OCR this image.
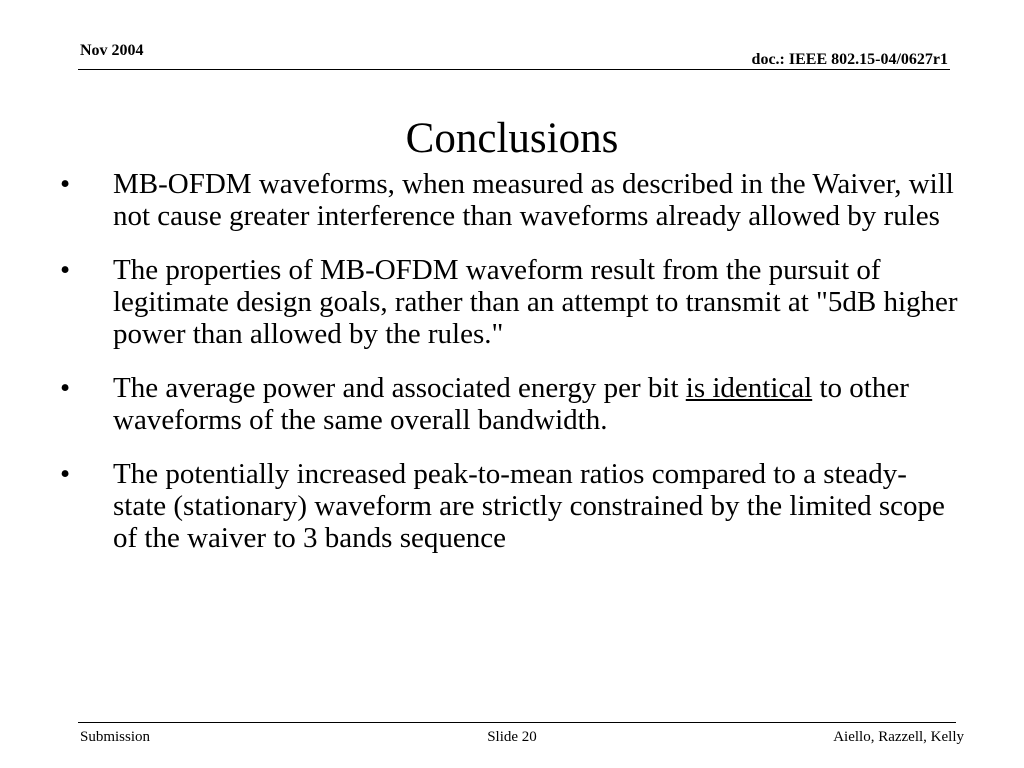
Nov 2004
doc.: IEEE 802.15-04/0627r1
Conclusions
• MB-OFDM waveforms, when measured as described in the Waiver, will not cause greater interference than waveforms already allowed by rules
• The properties of MB-OFDM waveform result from the pursuit of legitimate design goals, rather than an attempt to transmit at "5dB higher power than allowed by the rules."
• The average power and associated energy per bit is identical to other waveforms of the same overall bandwidth.
• The potentially increased peak-to-mean ratios compared to a steady-state (stationary) waveform are strictly constrained by the limited scope of the waiver to 3 bands sequence
Submission	Slide 20	Aiello, Razzell, Kelly
